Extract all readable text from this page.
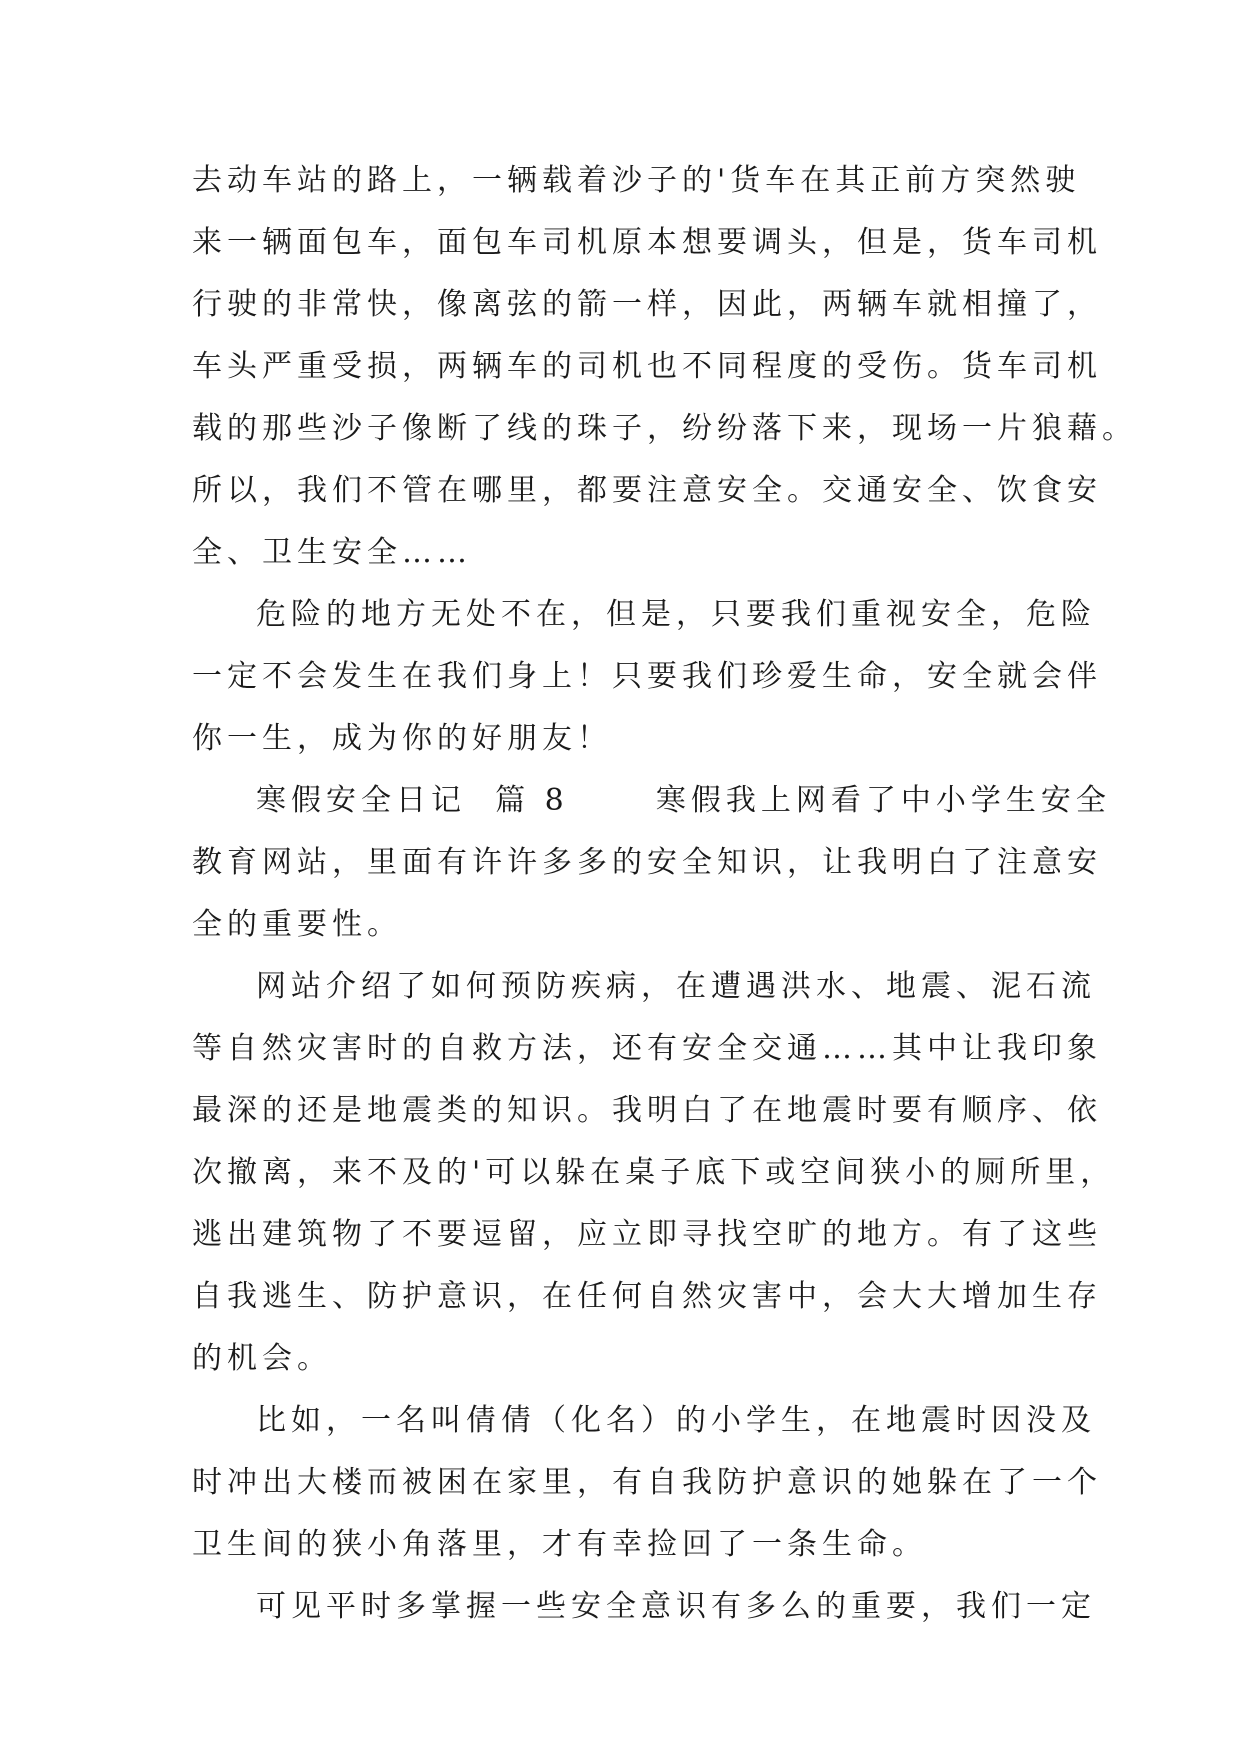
去动车站的路上，一辆载着沙子的'货车在其正前方突然驶
来一辆面包车，面包车司机原本想要调头，但是，货车司机
行驶的非常快，像离弦的箭一样，因此，两辆车就相撞了，
车头严重受损，两辆车的司机也不同程度的受伤。货车司机
载的那些沙子像断了线的珠子，纷纷落下来，现场一片狼藉。
所以，我们不管在哪里，都要注意安全。交通安全、饮食安
全、卫生安全……
危险的地方无处不在，但是，只要我们重视安全，危险
一定不会发生在我们身上！只要我们珍爱生命，安全就会伴
你一生，成为你的好朋友！
寒假安全日记  篇 8      寒假我上网看了中小学生安全
教育网站，里面有许许多多的安全知识，让我明白了注意安
全的重要性。
网站介绍了如何预防疾病，在遭遇洪水、地震、泥石流
等自然灾害时的自救方法，还有安全交通……其中让我印象
最深的还是地震类的知识。我明白了在地震时要有顺序、依
次撤离，来不及的'可以躲在桌子底下或空间狭小的厕所里，
逃出建筑物了不要逗留，应立即寻找空旷的地方。有了这些
自我逃生、防护意识，在任何自然灾害中，会大大增加生存
的机会。
比如，一名叫倩倩（化名）的小学生，在地震时因没及
时冲出大楼而被困在家里，有自我防护意识的她躲在了一个
卫生间的狭小角落里，才有幸捡回了一条生命。
可见平时多掌握一些安全意识有多么的重要，我们一定
